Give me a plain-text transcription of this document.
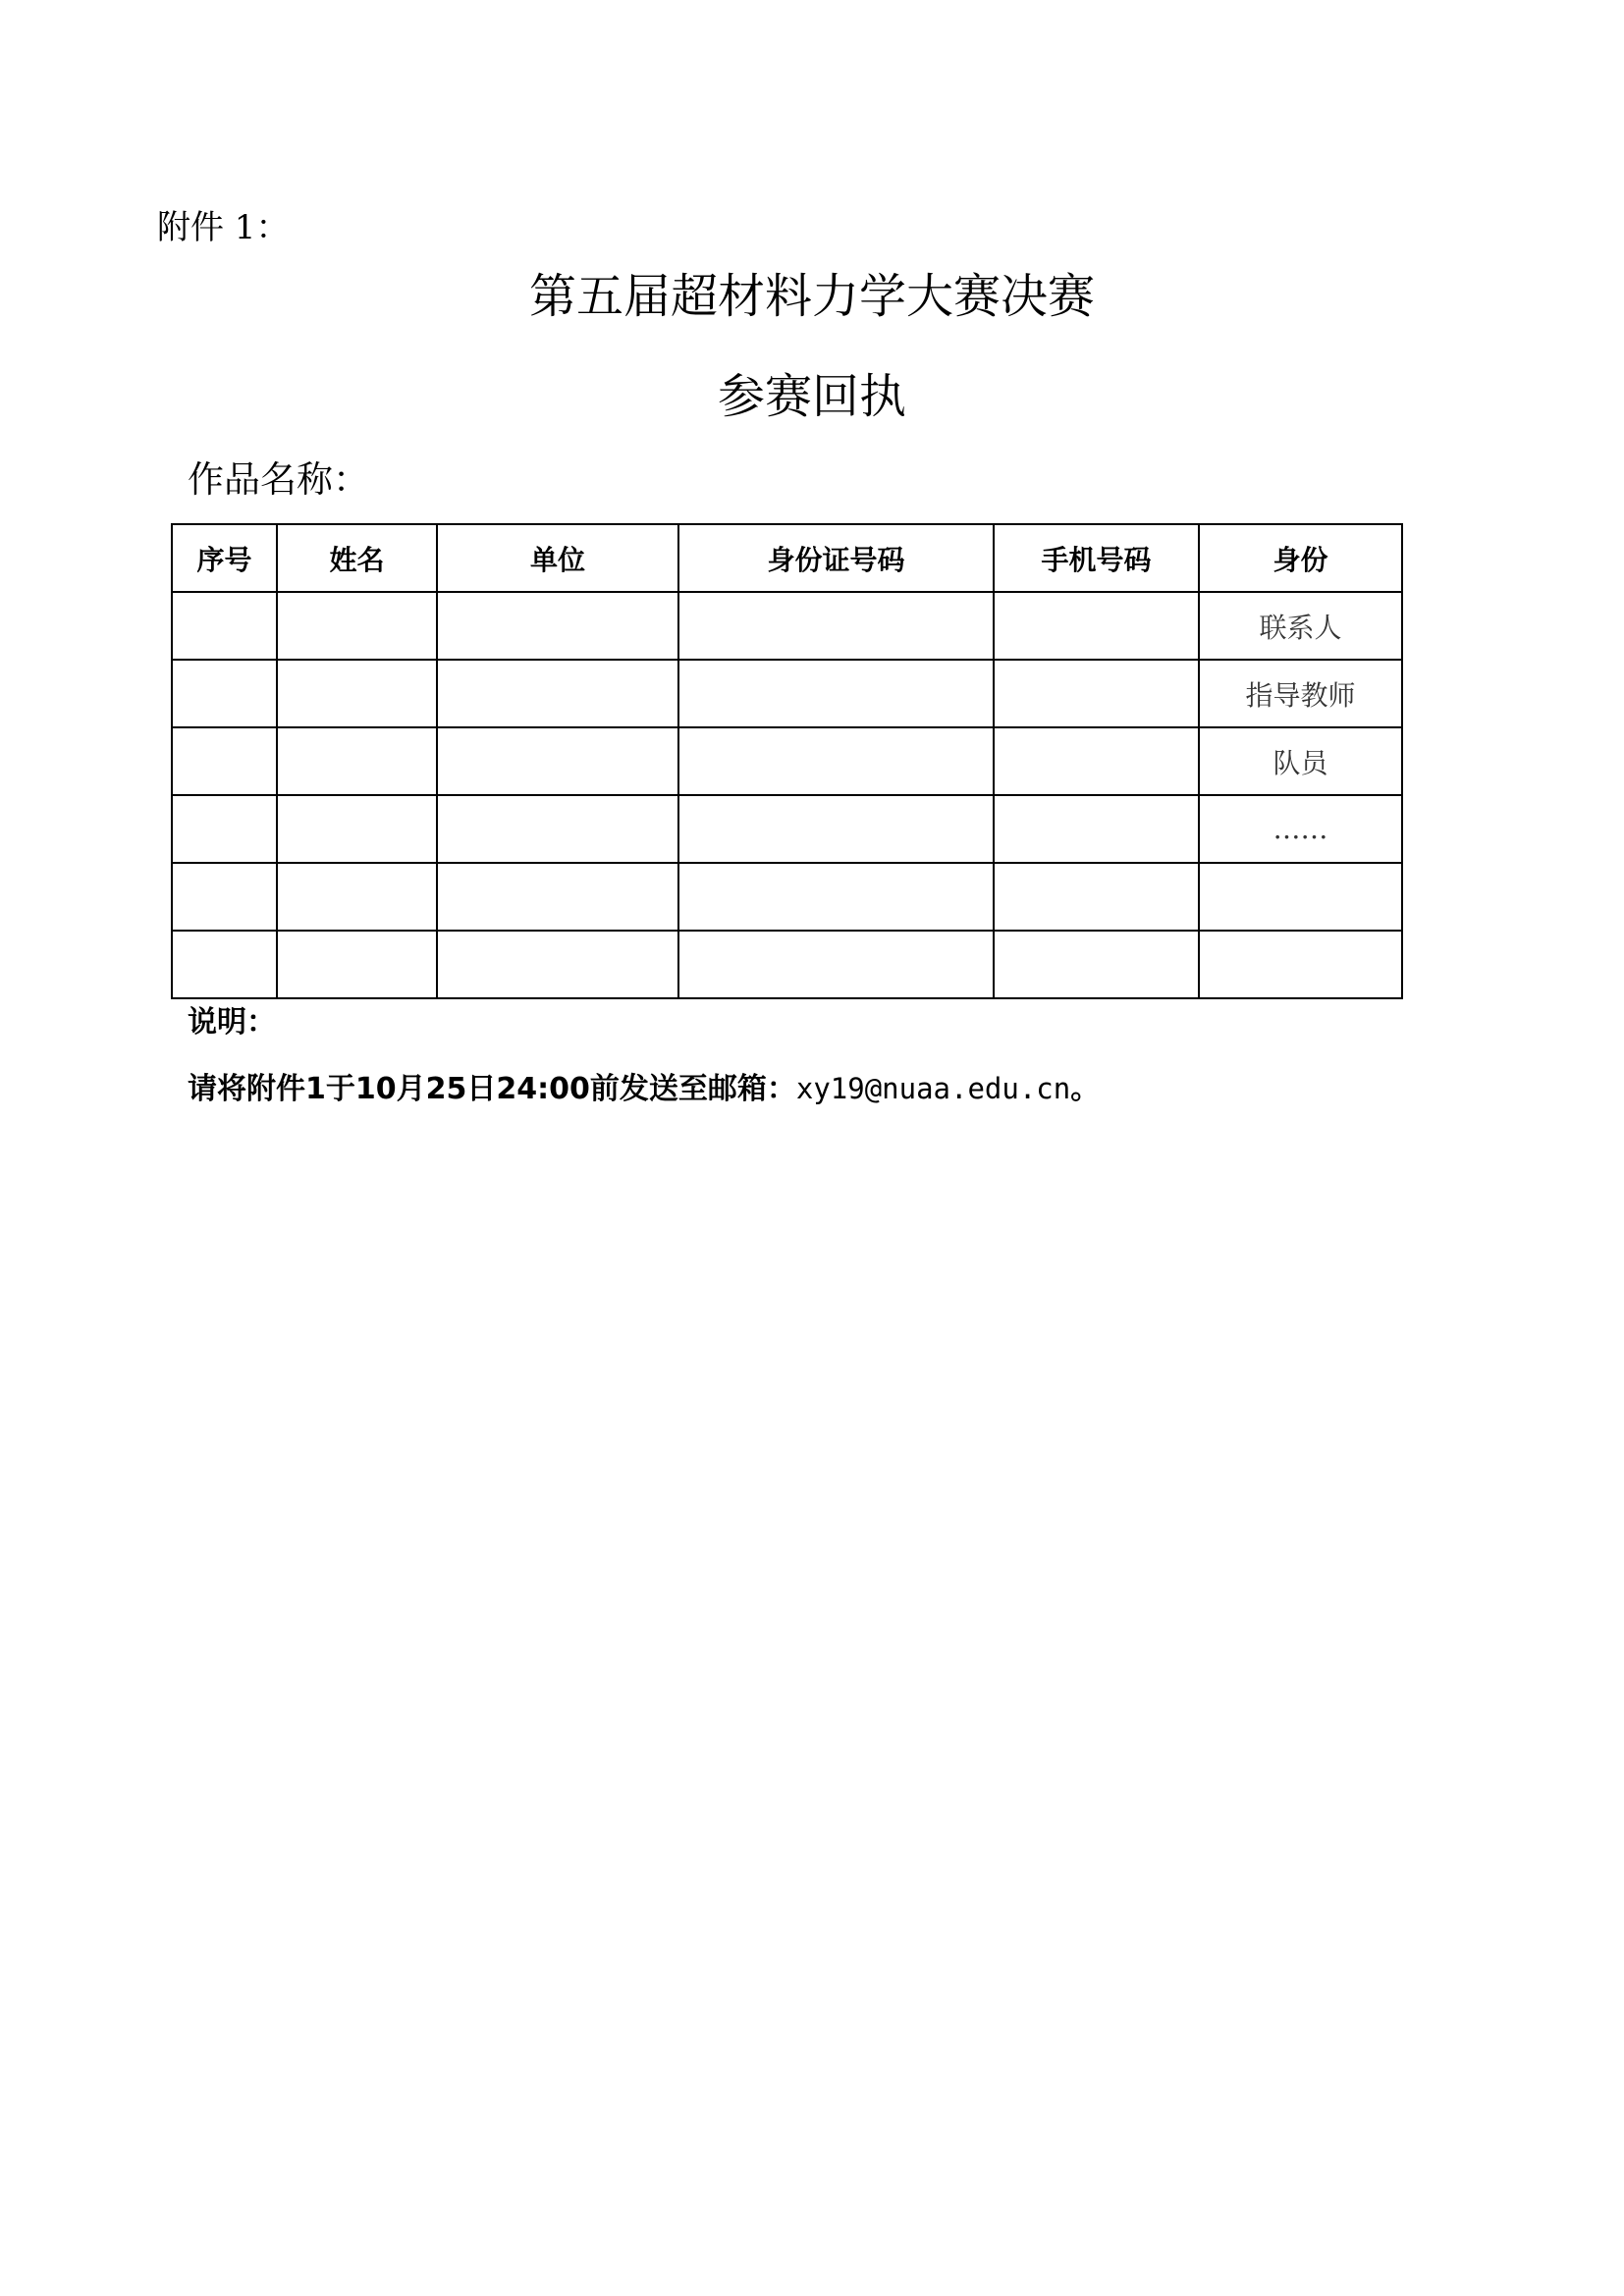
附件 1：
第五届超材料力学大赛决赛
参赛回执
作品名称：
序号	姓名	单位	身份证号码	手机号码	身份
					联系人
					指导教师
					队员
					……

说明：
请将附件1于10月25日24:00前发送至邮箱：xy19@nuaa.edu.cn。
